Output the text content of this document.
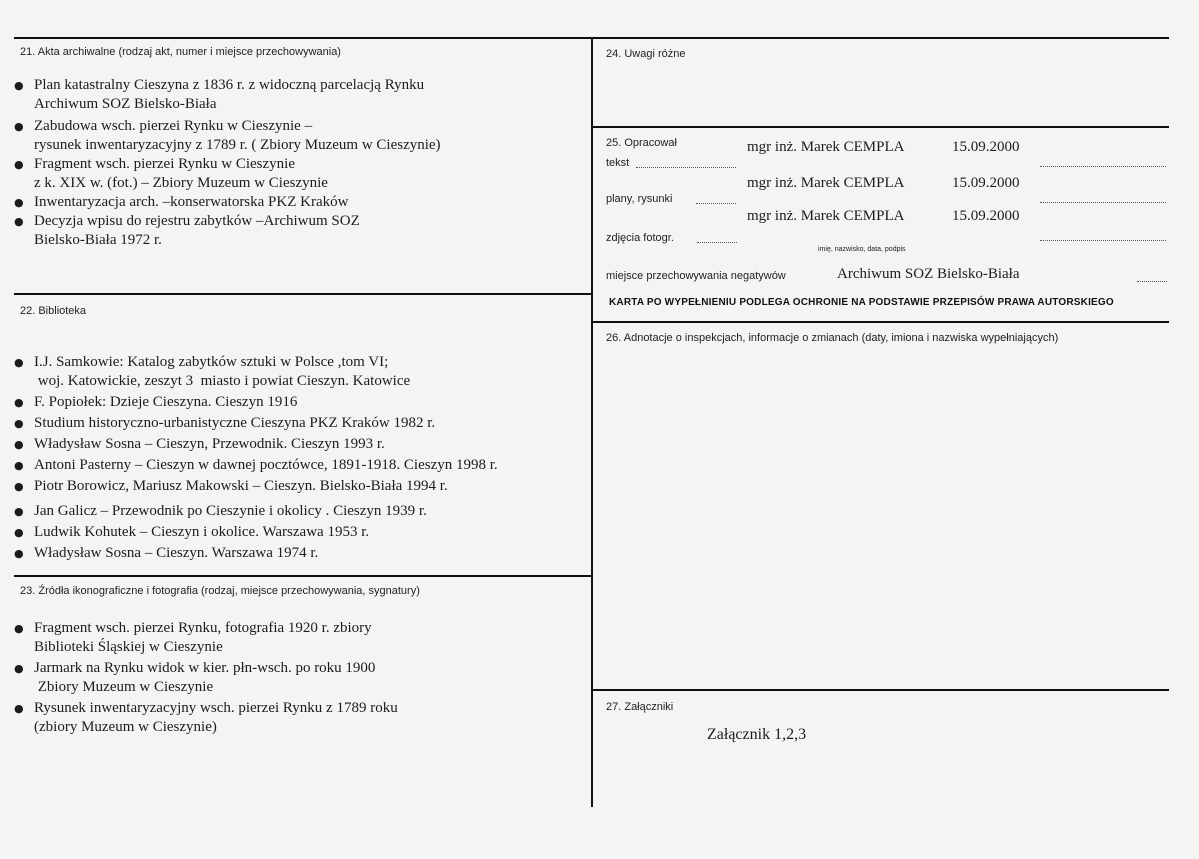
21. Akta archiwalne (rodzaj akt, numer i miejsce przechowywania)
● Plan katastralny Cieszyna z 1836 r. z widoczną parcelacją Rynku
Archiwum SOZ Bielsko-Biała
● Zabudowa wsch. pierzei Rynku w Cieszynie –
rysunek inwentaryzacyjny z 1789 r. ( Zbiory Muzeum w Cieszynie)
● Fragment wsch. pierzei Rynku w Cieszynie
z k. XIX w. (fot.) – Zbiory Muzeum w Cieszynie
● Inwentaryzacja arch. –konserwatorska PKZ Kraków
● Decyzja wpisu do rejestru zabytków –Archiwum SOZ
Bielsko-Biała 1972 r.
22. Biblioteka
● I.J. Samkowie: Katalog zabytków sztuki w Polsce ,tom VI;
woj. Katowickie, zeszyt 3  miasto i powiat Cieszyn. Katowice
● F. Popiołek: Dzieje Cieszyna. Cieszyn 1916
● Studium historyczno-urbanistyczne Cieszyna PKZ Kraków 1982 r.
● Władysław Sosna – Cieszyn, Przewodnik. Cieszyn 1993 r.
● Antoni Pasterny – Cieszyn w dawnej pocztówce, 1891-1918. Cieszyn 1998 r.
● Piotr Borowicz, Mariusz Makowski – Cieszyn. Bielsko-Biała 1994 r.
● Jan Galicz – Przewodnik po Cieszynie i okolicy . Cieszyn 1939 r.
● Ludwik Kohutek – Cieszyn i okolice. Warszawa 1953 r.
● Władysław Sosna – Cieszyn. Warszawa 1974 r.
23. Źródła ikonograficzne i fotografia (rodzaj, miejsce przechowywania, sygnatury)
● Fragment wsch. pierzei Rynku, fotografia 1920 r. zbiory
Biblioteki Śląskiej w Cieszynie
● Jarmark na Rynku widok w kier. płn-wsch. po roku 1900
Zbiory Muzeum w Cieszynie
● Rysunek inwentaryzacyjny wsch. pierzei Rynku z 1789 roku
(zbiory Muzeum w Cieszynie)
24. Uwagi różne
25. Opracował
tekst
mgr inż. Marek CEMPLA	15.09.2000
plany, rysunki
mgr inż. Marek CEMPLA	15.09.2000
zdjęcia fotogr.
mgr inż. Marek CEMPLA	15.09.2000
imię, nazwisko, data, podpis
miejsce przechowywania negatywów	Archiwum SOZ Bielsko-Biała
KARTA PO WYPEŁNIENIU PODLEGA OCHRONIE NA PODSTAWIE PRZEPISÓW PRAWA AUTORSKIEGO
26. Adnotacje o inspekcjach, informacje o zmianach (daty, imiona i nazwiska wypełniających)
27. Załączniki
Załącznik 1,2,3
